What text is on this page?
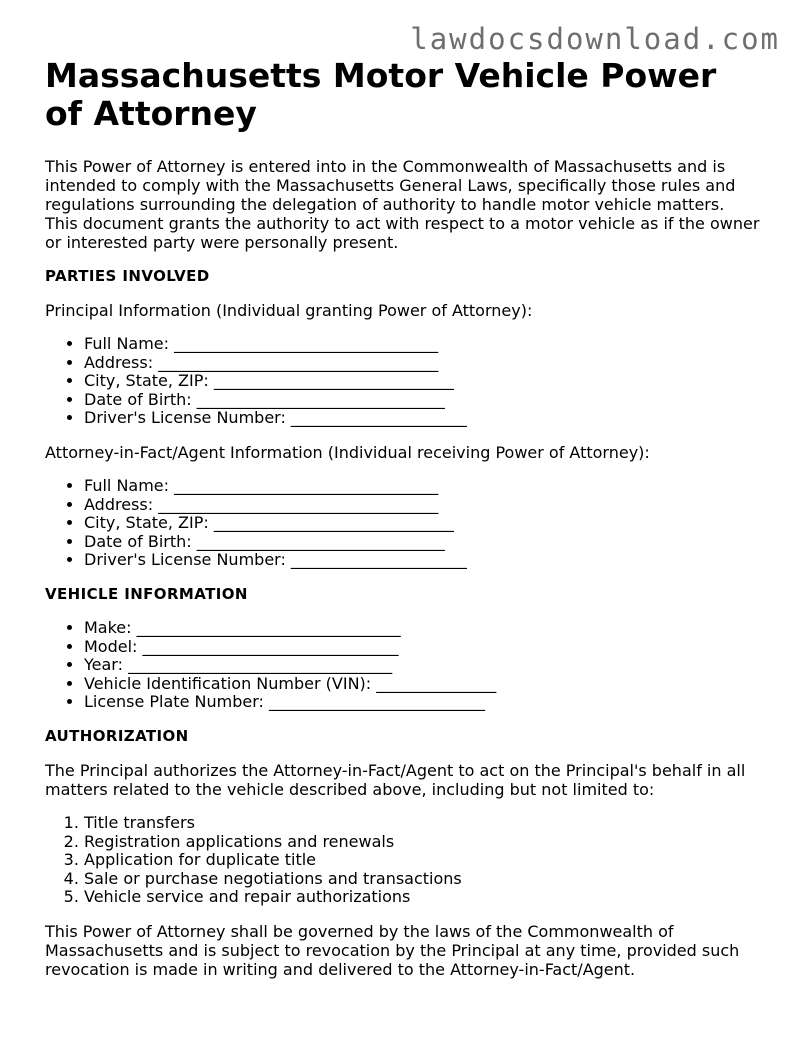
lawdocsdownload.com
Massachusetts Motor Vehicle Power of Attorney

This Power of Attorney is entered into in the Commonwealth of Massachusetts and is intended to comply with the Massachusetts General Laws, specifically those rules and regulations surrounding the delegation of authority to handle motor vehicle matters. This document grants the authority to act with respect to a motor vehicle as if the owner or interested party were personally present.

PARTIES INVOLVED

Principal Information (Individual granting Power of Attorney):

• Full Name: _________________________________
• Address: ___________________________________
• City, State, ZIP: ______________________________
• Date of Birth: _______________________________
• Driver's License Number: ______________________

Attorney-in-Fact/Agent Information (Individual receiving Power of Attorney):

• Full Name: _________________________________
• Address: ___________________________________
• City, State, ZIP: ______________________________
• Date of Birth: _______________________________
• Driver's License Number: ______________________
VEHICLE INFORMATION
• Make: _________________________________
• Model: ________________________________
• Year: _________________________________
• Vehicle Identification Number (VIN): _______________
• License Plate Number: ___________________________
AUTHORIZATION

The Principal authorizes the Attorney-in-Fact/Agent to act on the Principal's behalf in all matters related to the vehicle described above, including but not limited to:

1. Title transfers
2. Registration applications and renewals
3. Application for duplicate title
4. Sale or purchase negotiations and transactions
5. Vehicle service and repair authorizations

This Power of Attorney shall be governed by the laws of the Commonwealth of Massachusetts and is subject to revocation by the Principal at any time, provided such revocation is made in writing and delivered to the Attorney-in-Fact/Agent.
